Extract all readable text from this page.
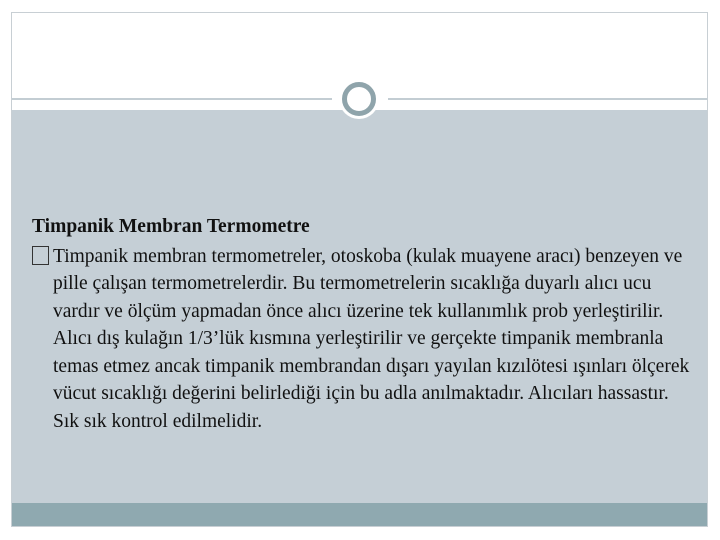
Timpanik Membran Termometre
Timpanik membran termometreler, otoskoba (kulak muayene aracı) benzeyen ve pille çalışan termometrelerdir. Bu termometrelerin sıcaklığa duyarlı alıcı ucu vardır ve ölçüm yapmadan önce alıcı üzerine tek kullanımlık prob yerleştirilir. Alıcı dış kulağın 1/3’lük kısmına yerleştirilir ve gerçekte timpanik membranla temas etmez ancak timpanik membrandan dışarı yayılan kızılötesi ışınları ölçerek vücut sıcaklığı değerini belirlediği için bu adla anılmaktadır. Alıcıları hassastır. Sık sık kontrol edilmelidir.
